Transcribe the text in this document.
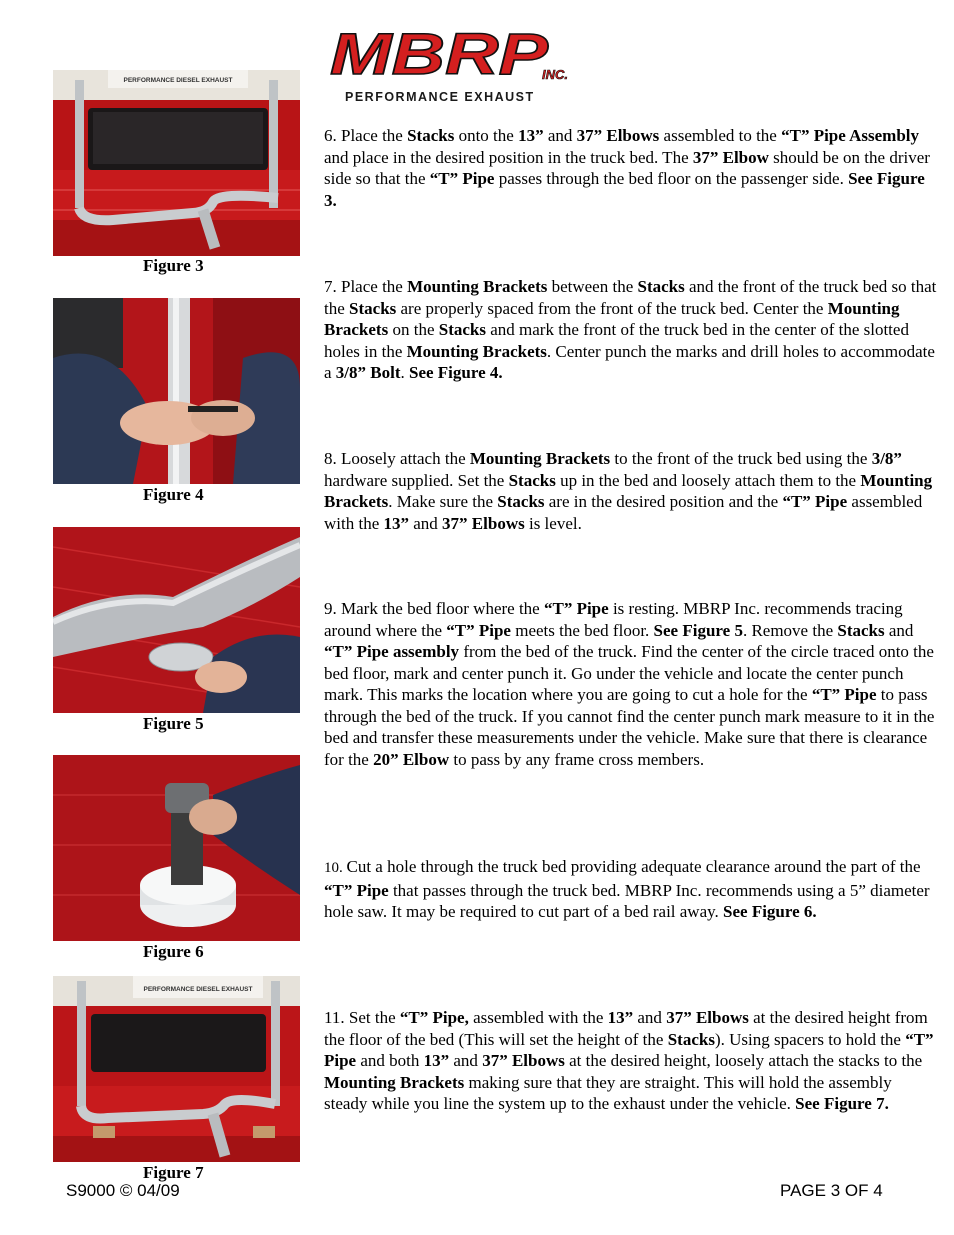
MBRP
INC.
PERFORMANCE EXHAUST
PERFORMANCE DIESEL EXHAUST
Figure 3
Figure 4
Figure 5
Figure 6
PERFORMANCE DIESEL EXHAUST
Figure 7
6. Place the Stacks onto the 13” and 37” Elbows assembled to the “T” Pipe Assembly and place in the desired position in the truck bed. The 37” Elbow should be on the driver side so that the “T” Pipe passes through the bed floor on the passenger side. See Figure 3.
7. Place the Mounting Brackets between the Stacks and the front of the truck bed so that the Stacks are properly spaced from the front of the truck bed. Center the Mounting Brackets on the Stacks and mark the front of the truck bed in the center of the slotted holes in the Mounting Brackets. Center punch the marks and drill holes to accommodate a 3/8” Bolt. See Figure 4.
8. Loosely attach the Mounting Brackets to the front of the truck bed using the 3/8” hardware supplied. Set the Stacks up in the bed and loosely attach them to the Mounting Brackets. Make sure the Stacks are in the desired position and the “T” Pipe assembled with the 13” and 37” Elbows is level.
9. Mark the bed floor where the “T” Pipe is resting. MBRP Inc. recommends tracing around where the “T” Pipe meets the bed floor. See Figure 5. Remove the Stacks and “T” Pipe assembly from the bed of the truck. Find the center of the circle traced onto the bed floor, mark and center punch it. Go under the vehicle and locate the center punch mark. This marks the location where you are going to cut a hole for the “T” Pipe to pass through the bed of the truck. If you cannot find the center punch mark measure to it in the bed and transfer these measurements under the vehicle. Make sure that there is clearance for the 20” Elbow to pass by any frame cross members.
10. Cut a hole through the truck bed providing adequate clearance around the part of the “T” Pipe that passes through the truck bed. MBRP Inc. recommends using a 5” diameter hole saw. It may be required to cut part of a bed rail away. See Figure 6.
11. Set the “T” Pipe, assembled with the 13” and 37” Elbows at the desired height from the floor of the bed (This will set the height of the Stacks). Using spacers to hold the “T” Pipe and both 13” and 37” Elbows at the desired height, loosely attach the stacks to the Mounting Brackets making sure that they are straight. This will hold the assembly steady while you line the system up to the exhaust under the vehicle. See Figure 7.
S9000 © 04/09	PAGE 3 OF 4
